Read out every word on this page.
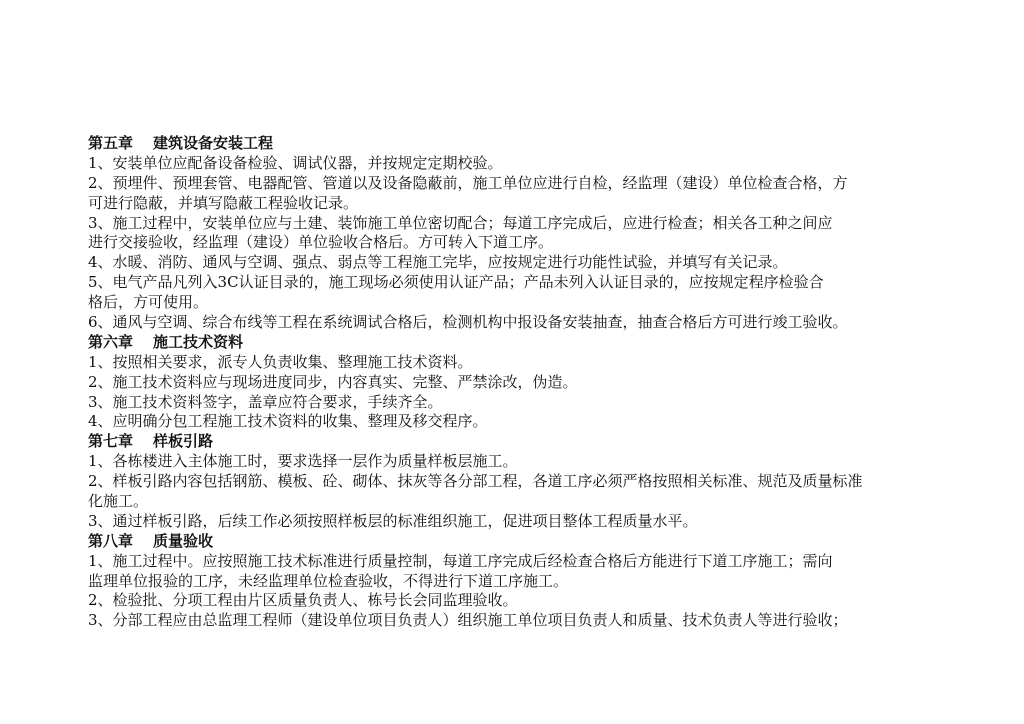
第五章 建筑设备安装工程
1、安装单位应配备设备检验、调试仪器，并按规定定期校验。
2、预埋件、预埋套管、电器配管、管道以及设备隐蔽前，施工单位应进行自检，经监理（建设）单位检查合格，方
可进行隐蔽，并填写隐蔽工程验收记录。
3、施工过程中，安装单位应与土建、装饰施工单位密切配合；每道工序完成后，应进行检查；相关各工种之间应
进行交接验收，经监理（建设）单位验收合格后。方可转入下道工序。
4、水暖、消防、通风与空调、强点、弱点等工程施工完毕，应按规定进行功能性试验，并填写有关记录。
5、电气产品凡列入3C认证目录的，施工现场必须使用认证产品；产品未列入认证目录的，应按规定程序检验合
格后，方可使用。
6、通风与空调、综合布线等工程在系统调试合格后，检测机构中报设备安装抽查，抽查合格后方可进行竣工验收。
第六章 施工技术资料
1、按照相关要求，派专人负责收集、整理施工技术资料。
2、施工技术资料应与现场进度同步，内容真实、完整、严禁涂改，伪造。
3、施工技术资料签字，盖章应符合要求，手续齐全。
4、应明确分包工程施工技术资料的收集、整理及移交程序。
第七章 样板引路
1、各栋楼进入主体施工时，要求选择一层作为质量样板层施工。
2、样板引路内容包括钢筋、模板、砼、砌体、抹灰等各分部工程，各道工序必须严格按照相关标准、规范及质量标准
化施工。
3、通过样板引路，后续工作必须按照样板层的标准组织施工，促进项目整体工程质量水平。
第八章 质量验收
1、施工过程中。应按照施工技术标准进行质量控制，每道工序完成后经检查合格后方能进行下道工序施工；需向
监理单位报验的工序，未经监理单位检查验收，不得进行下道工序施工。
2、检验批、分项工程由片区质量负责人、栋号长会同监理验收。
3、分部工程应由总监理工程师（建设单位项目负责人）组织施工单位项目负责人和质量、技术负责人等进行验收；
